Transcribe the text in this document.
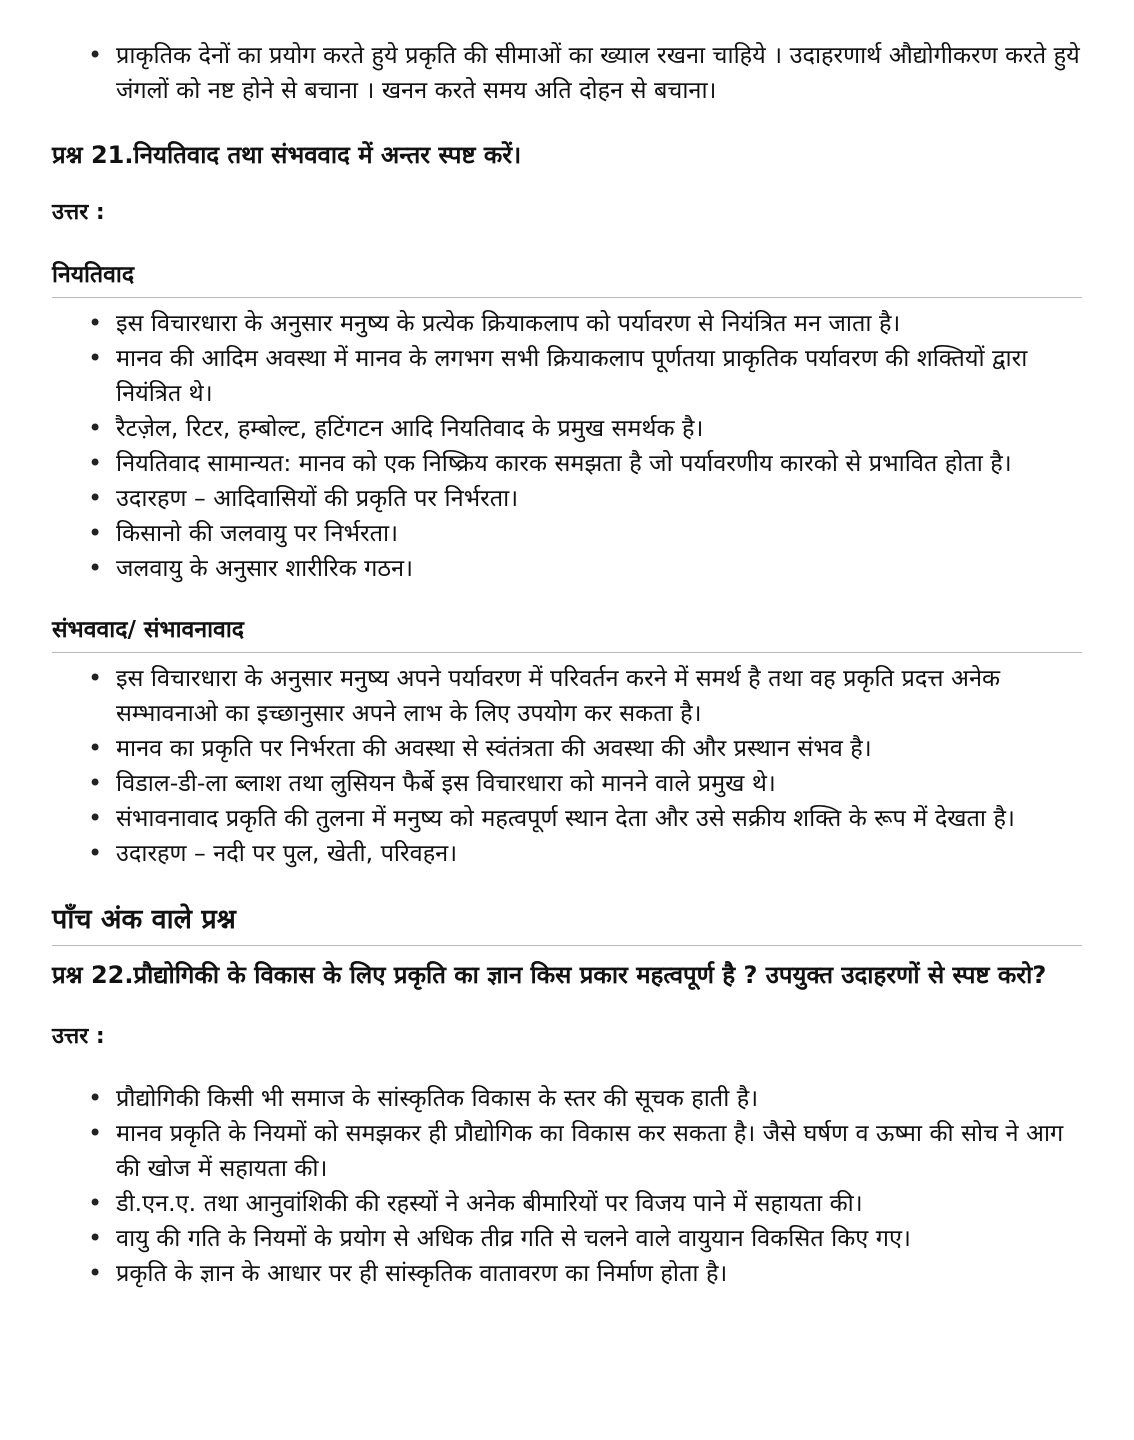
• प्राकृतिक देनों का प्रयोग करते हुये प्रकृति की सीमाओं का ख्याल रखना चाहिये । उदाहरणार्थ औद्योगीकरण करते हुये जंगलों को नष्ट होने से बचाना । खनन करते समय अति दोहन से बचाना।

प्रश्न 21.नियतिवाद तथा संभववाद में अन्तर स्पष्ट करें।

उत्तर :

नियतिवाद
• इस विचारधारा के अनुसार मनुष्य के प्रत्येक क्रियाकलाप को पर्यावरण से नियंत्रित मन जाता है।
• मानव की आदिम अवस्था में मानव के लगभग सभी क्रियाकलाप पूर्णतया प्राकृतिक पर्यावरण की शक्तियों द्वारा नियंत्रित थे।
• रैटज़ेल, रिटर, हम्बोल्ट, हटिंगटन आदि नियतिवाद के प्रमुख समर्थक है।
• नियतिवाद सामान्यत: मानव को एक निष्क्रिय कारक समझता है जो पर्यावरणीय कारको से प्रभावित होता है।
• उदारहण – आदिवासियों की प्रकृति पर निर्भरता।
• किसानो की जलवायु पर निर्भरता।
• जलवायु के अनुसार शारीरिक गठन।
संभववाद/ संभावनावाद
• इस विचारधारा के अनुसार मनुष्य अपने पर्यावरण में परिवर्तन करने में समर्थ है तथा वह प्रकृति प्रदत्त अनेक सम्भावनाओ का इच्छानुसार अपने लाभ के लिए उपयोग कर सकता है।
• मानव का प्रकृति पर निर्भरता की अवस्था से स्वंतंत्रता की अवस्था की और प्रस्थान संभव है।
• विडाल-डी-ला ब्लाश तथा लुसियन फैर्बे इस विचारधारा को मानने वाले प्रमुख थे।
• संभावनावाद प्रकृति की तुलना में मनुष्य को महत्वपूर्ण स्थान देता और उसे सक्रीय शक्ति के रूप में देखता है।
• उदारहण – नदी पर पुल, खेती, परिवहन।
पाँच अंक वाले प्रश्न

प्रश्न 22.प्रौद्योगिकी के विकास के लिए प्रकृति का ज्ञान किस प्रकार महत्वपूर्ण है ? उपयुक्त उदाहरणों से स्पष्ट करो?

उत्तर :

• प्रौद्योगिकी किसी भी समाज के सांस्कृतिक विकास के स्तर की सूचक हाती है।
• मानव प्रकृति के नियमों को समझकर ही प्रौद्योगिक का विकास कर सकता है। जैसे घर्षण व ऊष्मा की सोच ने आग की खोज में सहायता की।
• डी.एन.ए. तथा आनुवांशिकी की रहस्यों ने अनेक बीमारियों पर विजय पाने में सहायता की।
• वायु की गति के नियमों के प्रयोग से अधिक तीव्र गति से चलने वाले वायुयान विकसित किए गए।
• प्रकृति के ज्ञान के आधार पर ही सांस्कृतिक वातावरण का निर्माण होता है।
